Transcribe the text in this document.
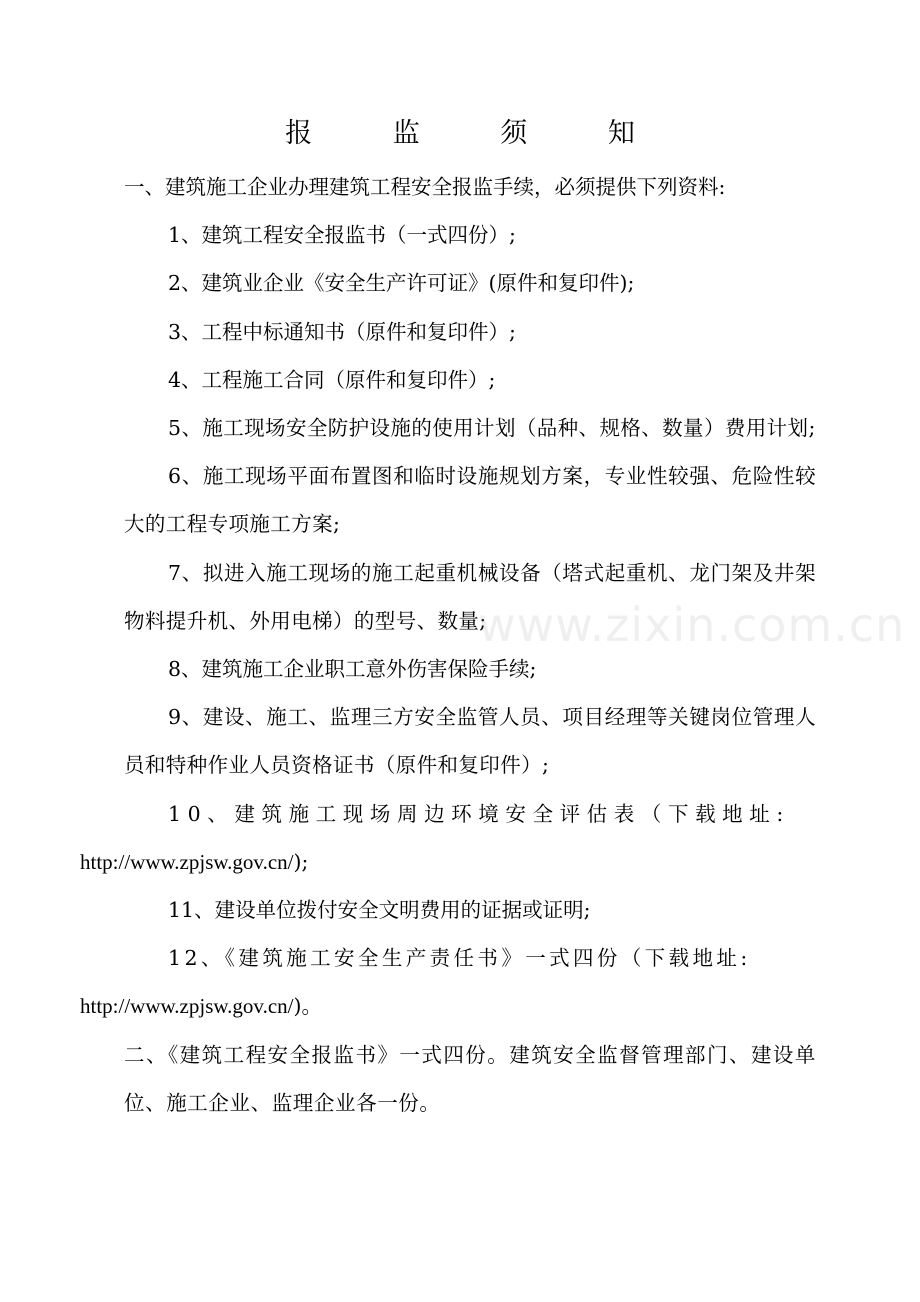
报 监 须 知

一、建筑施工企业办理建筑工程安全报监手续，必须提供下列资料:

1、建筑工程安全报监书（一式四份）;

2、建筑业企业《安全生产许可证》(原件和复印件);

3、工程中标通知书（原件和复印件）;

4、工程施工合同（原件和复印件）;

5、施工现场安全防护设施的使用计划（品种、规格、数量）费用计划;

6、施工现场平面布置图和临时设施规划方案，专业性较强、危险性较大的工程专项施工方案;

7、拟进入施工现场的施工起重机械设备（塔式起重机、龙门架及井架物料提升机、外用电梯）的型号、数量;

8、建筑施工企业职工意外伤害保险手续;

9、建设、施工、监理三方安全监管人员、项目经理等关键岗位管理人员和特种作业人员资格证书（原件和复印件）;

10、建筑施工现场周边环境安全评估表（下载地址:
http://www.zpjsw.gov.cn/);

11、建设单位拨付安全文明费用的证据或证明;

12、《建筑施工安全生产责任书》一式四份（下载地址:
http://www.zpjsw.gov.cn/)。

二、《建筑工程安全报监书》一式四份。建筑安全监督管理部门、建设单位、施工企业、监理企业各一份。

www.zixin.com.cn
